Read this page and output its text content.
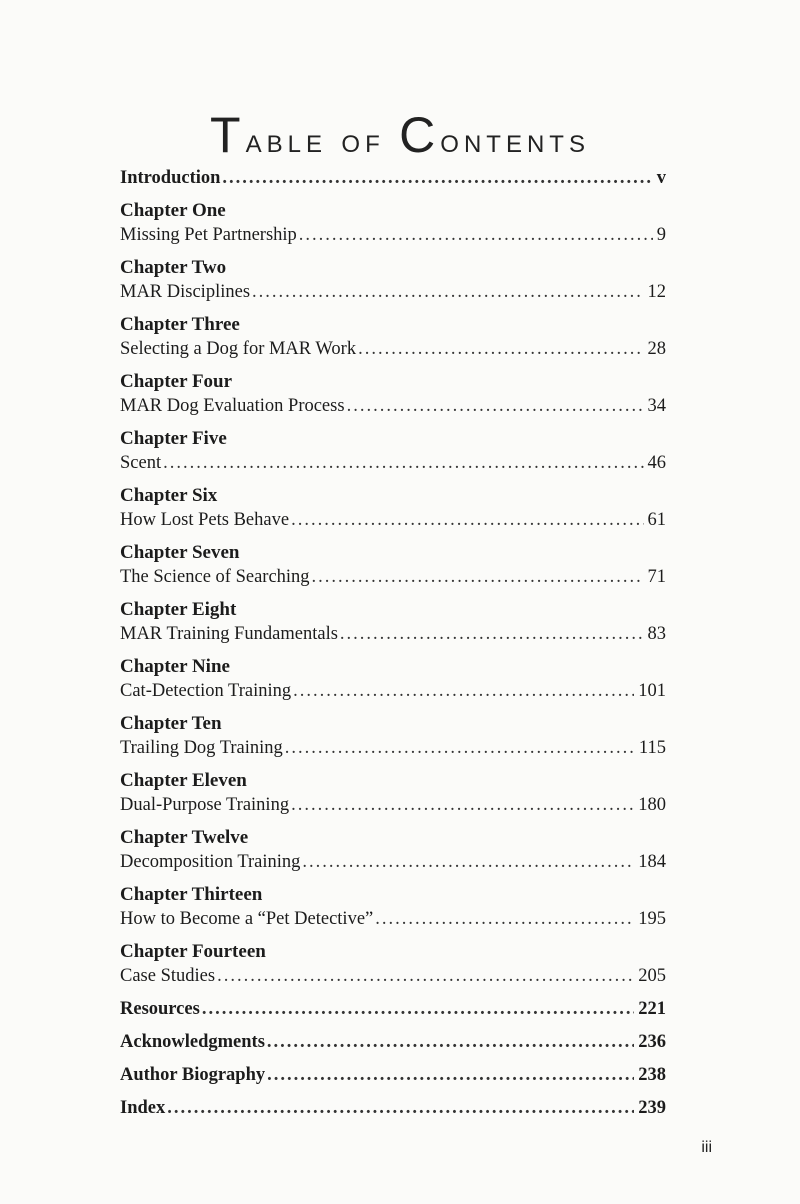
Table of Contents
Introduction .....	v
Chapter One
Missing Pet Partnership .....	9
Chapter Two
MAR Disciplines .....	12
Chapter Three
Selecting a Dog for MAR Work .....	28
Chapter Four
MAR Dog Evaluation Process .....	34
Chapter Five
Scent .....	46
Chapter Six
How Lost Pets Behave .....	61
Chapter Seven
The Science of Searching .....	71
Chapter Eight
MAR Training Fundamentals .....	83
Chapter Nine
Cat-Detection Training .....	101
Chapter Ten
Trailing Dog Training .....	115
Chapter Eleven
Dual-Purpose Training .....	180
Chapter Twelve
Decomposition Training .....	184
Chapter Thirteen
How to Become a “Pet Detective” .....	195
Chapter Fourteen
Case Studies .....	205
Resources .....	221
Acknowledgments .....	236
Author Biography .....	238
Index .....	239
iii
